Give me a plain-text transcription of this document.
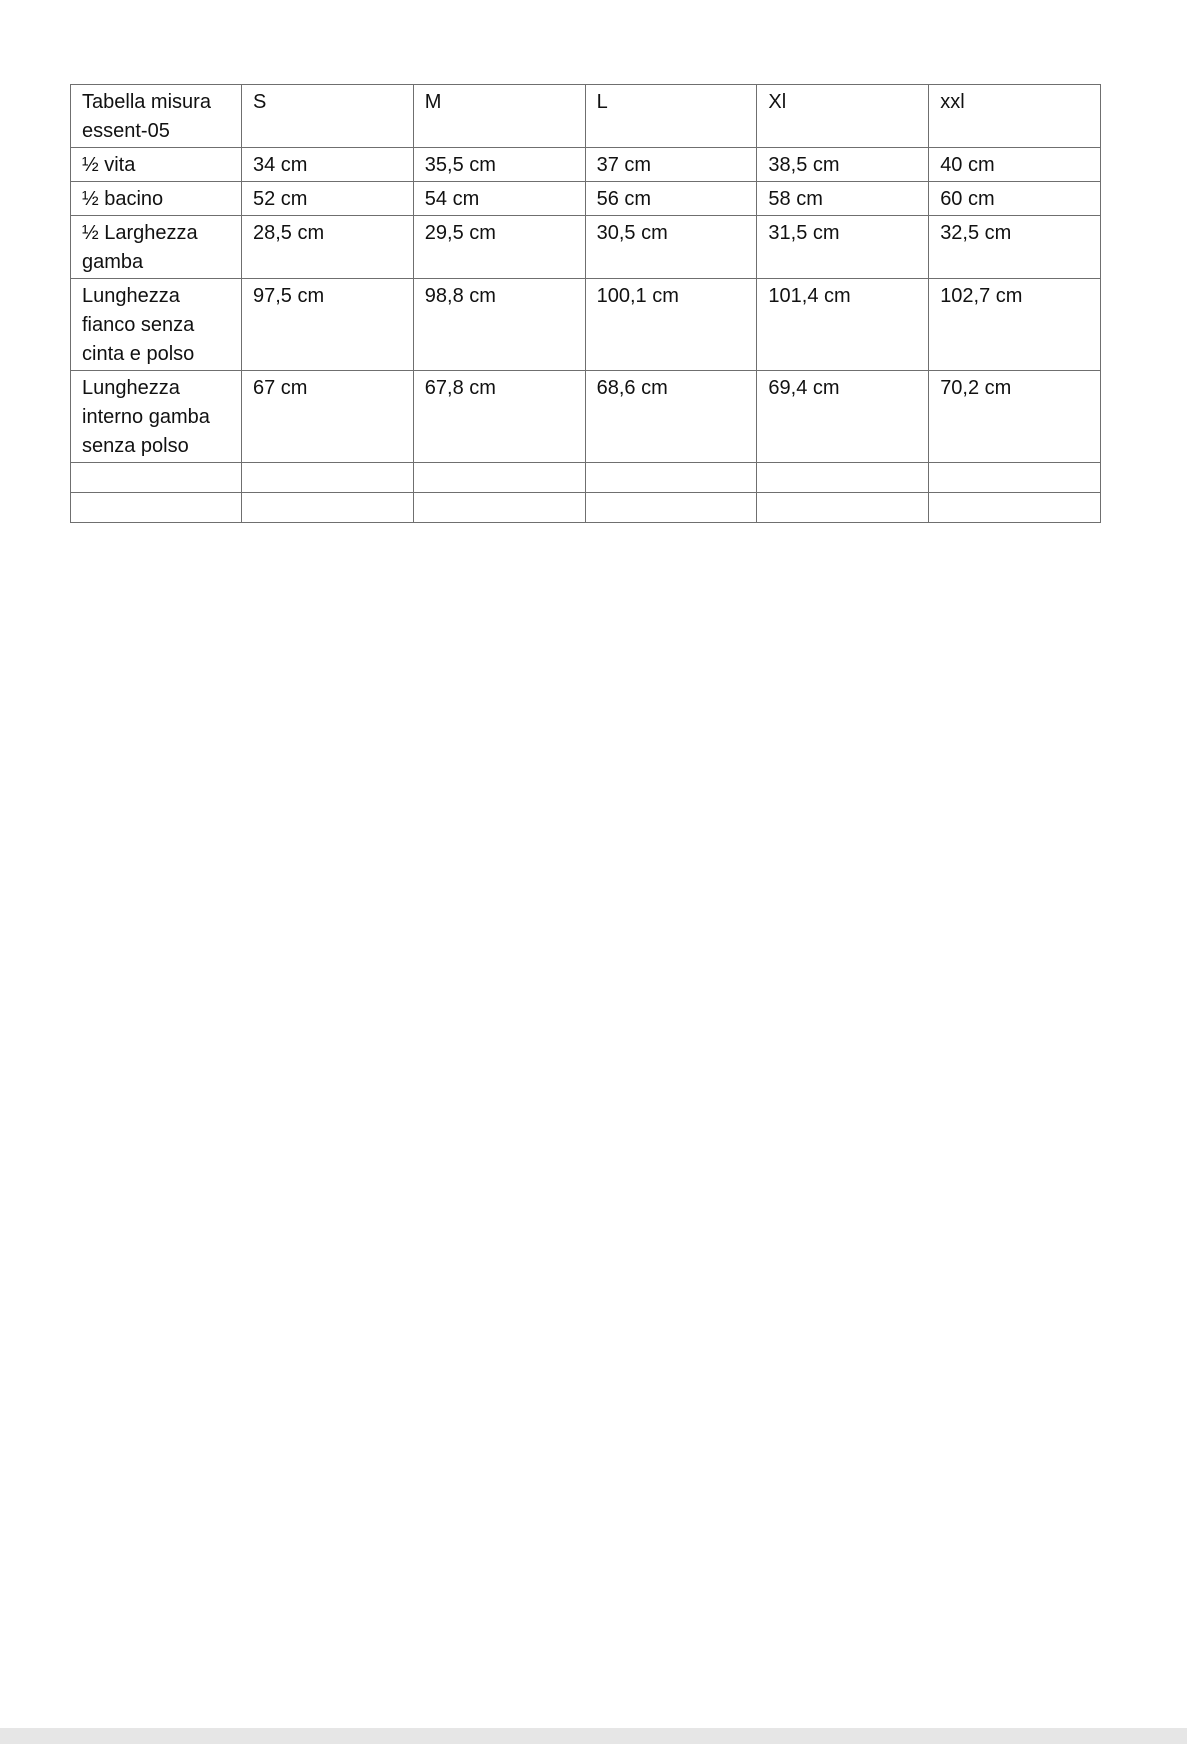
Tabella misura essent-05	S	M	L	Xl	xxl
½ vita	34 cm	35,5 cm	37 cm	38,5 cm	40 cm
½ bacino	52 cm	54 cm	56 cm	58 cm	60 cm
½ Larghezza gamba	28,5 cm	29,5 cm	30,5 cm	31,5 cm	32,5 cm
Lunghezza fianco senza cinta e polso	97,5 cm	98,8 cm	100,1 cm	101,4 cm	102,7 cm
Lunghezza interno gamba senza polso	67 cm	67,8 cm	68,6 cm	69,4 cm	70,2 cm
